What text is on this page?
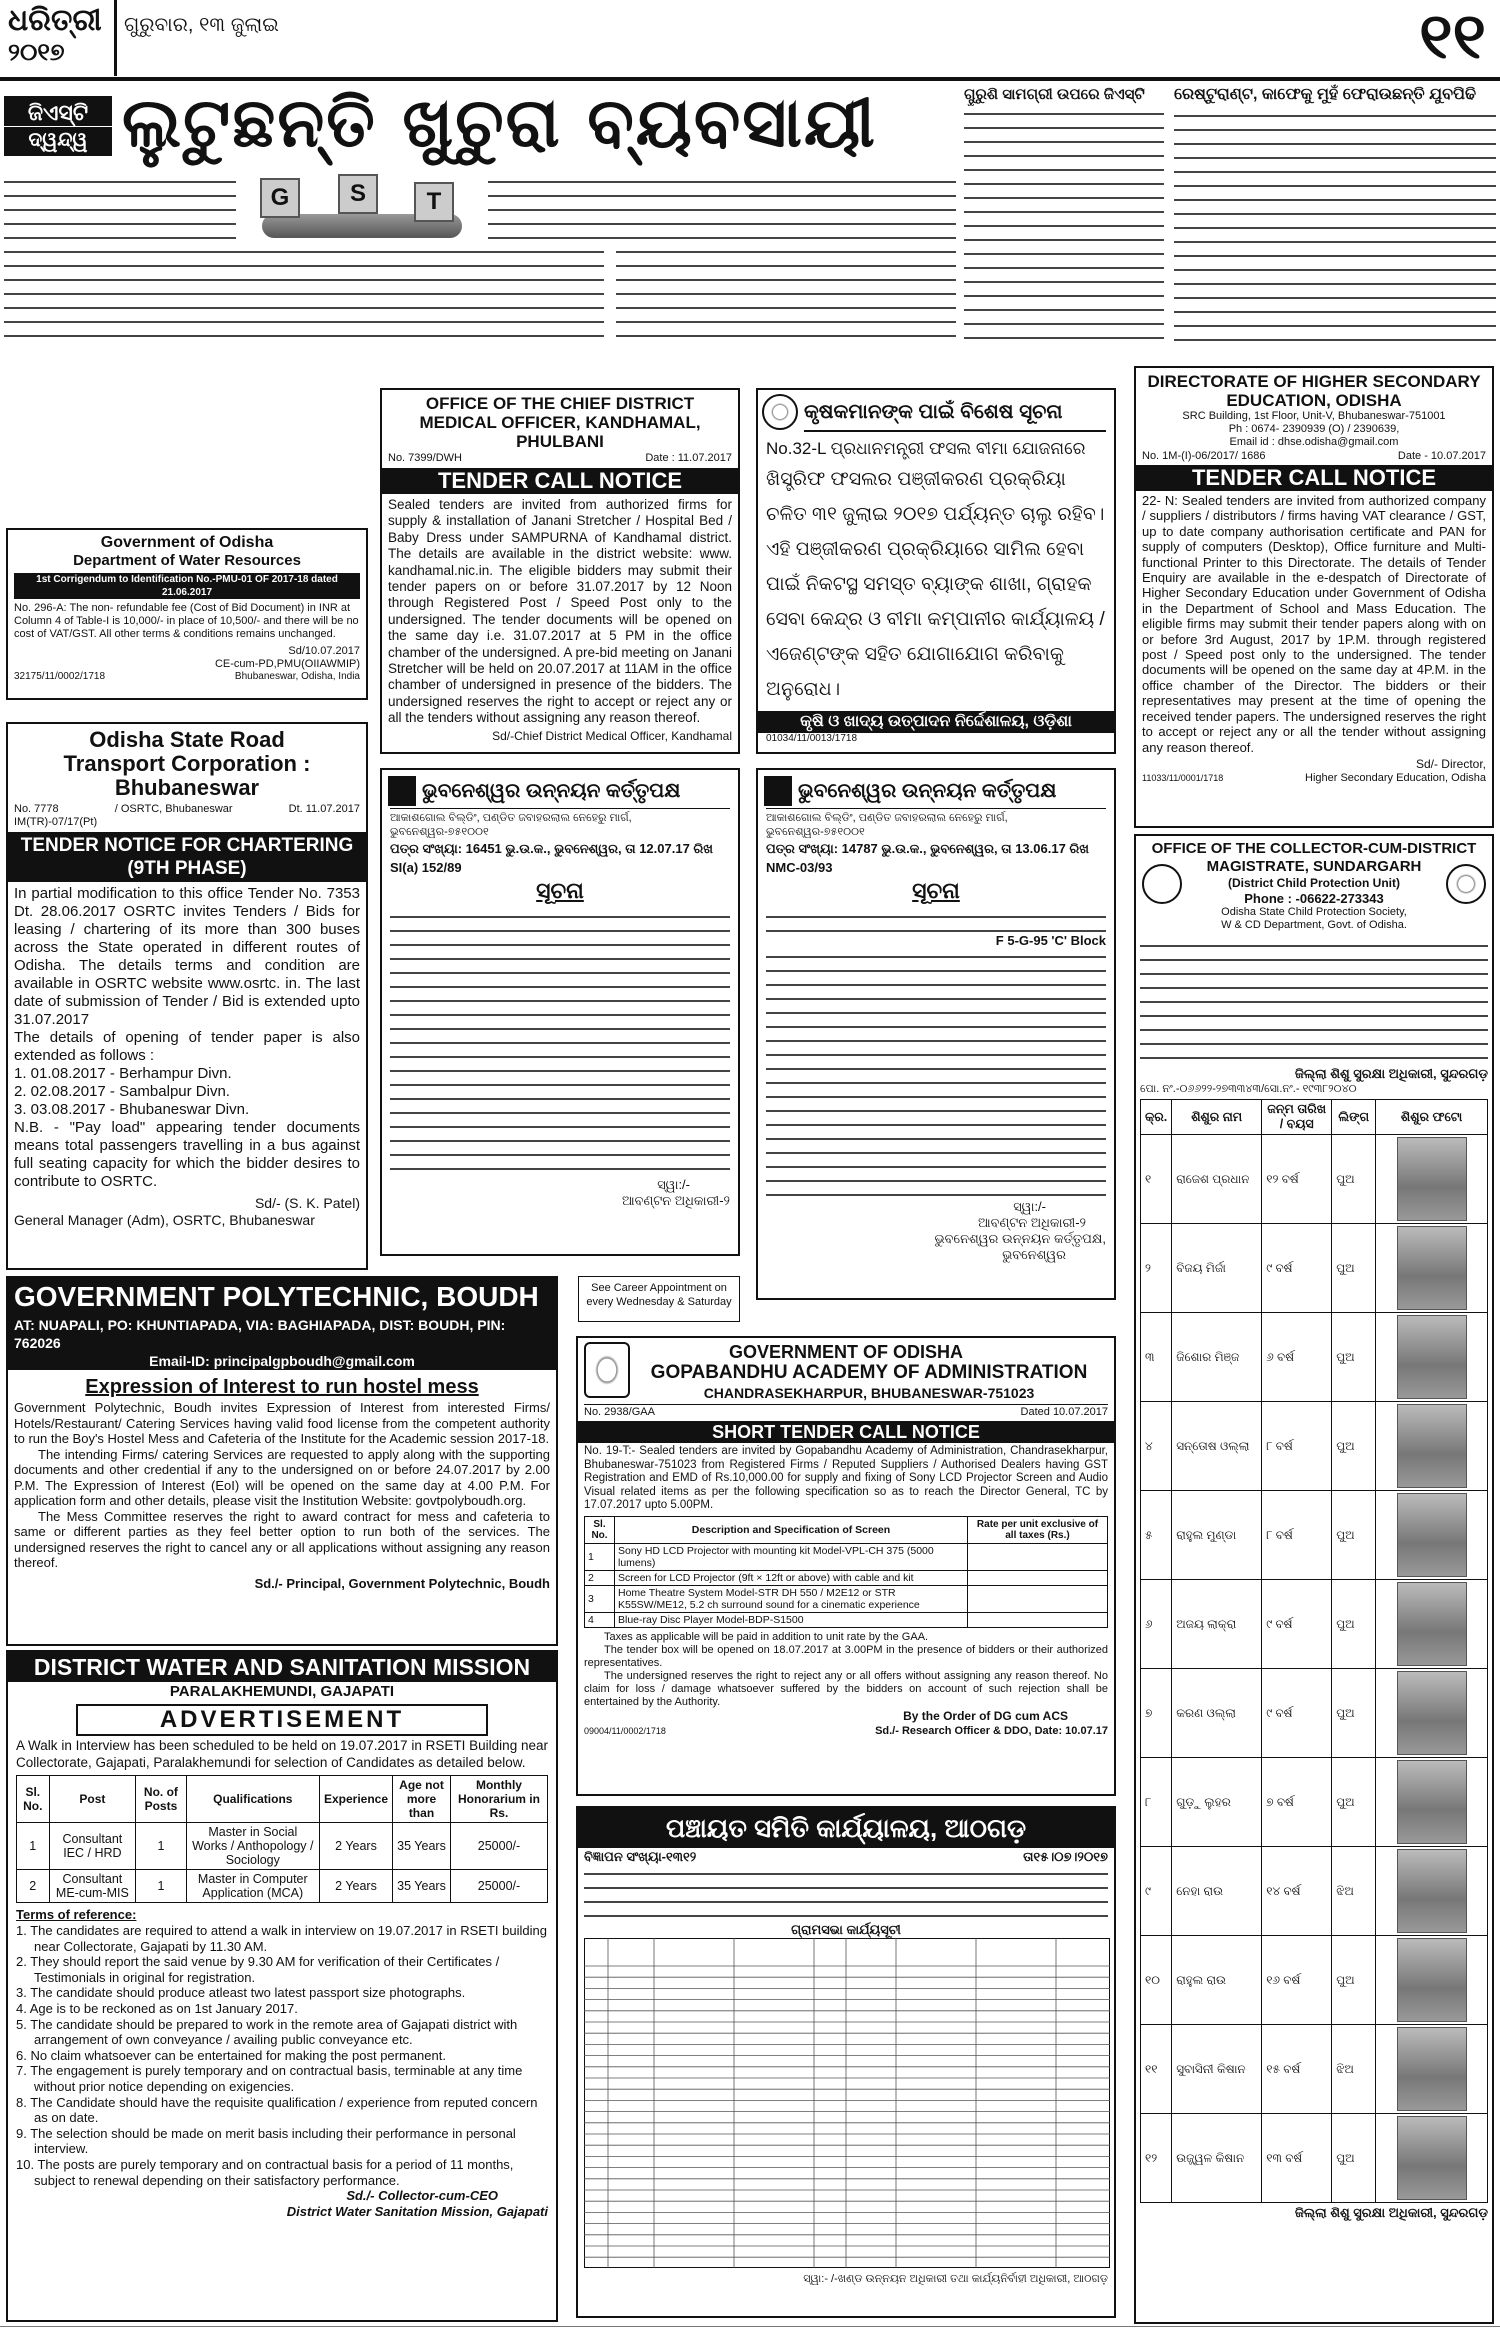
ଧରିତ୍ରୀ
୨୦୧୭
ଗୁରୁବାର, ୧୩ ଜୁଲାଇ	୧୧
ଜିଏସ୍ଟି
ଦ୍ୱନ୍ଦ୍ୱ ଲୁଟୁଛନ୍ତି ଖୁଚୁରା ବ୍ୟବସାୟୀ
G	S	T
ଗୁରୁଶି ସାମଗ୍ରୀ ଉପରେ ଜିଏସ୍ଟି	ରେଷ୍ଟୁରାଣ୍ଟ, କାଫେକୁ ମୁହଁ ଫେରାଉଛନ୍ତି ଯୁବପିଢି
Government of Odisha
Department of Water Resources
1st Corrigendum to Identification No.-PMU-01 OF 2017-18 dated 21.06.2017
No. 296-A: The non- refundable fee (Cost of Bid Document) in INR at Column 4 of Table-I is 10,000/- in place of 10,500/- and there will be no cost of VAT/GST. All other terms & conditions remains unchanged.
Sd/10.07.2017
CE-cum-PD,PMU(OIIAWMIP)
32175/11/0002/1718	Bhubaneswar, Odisha, India
Odisha State Road
Transport Corporation :
Bhubaneswar
No. 7778	/ OSRTC, Bhubaneswar	Dt. 11.07.2017
IM(TR)-07/17(Pt)
TENDER NOTICE FOR CHARTERING (9TH PHASE)
In partial modification to this office Tender No. 7353 Dt. 28.06.2017 OSRTC invites Tenders / Bids for leasing / chartering of its more than 300 buses across the State operated in different routes of Odisha. The details terms and condition are available in OSRTC website www.osrtc. in. The last date of submission of Tender / Bid is extended upto 31.07.2017
The details of opening of tender paper is also extended as follows :
1. 01.08.2017 - Berhampur Divn.
2. 02.08.2017 - Sambalpur Divn.
3. 03.08.2017 - Bhubaneswar Divn.
N.B. - "Pay load" appearing tender documents means total passengers travelling in a bus against full seating capacity for which the bidder desires to contribute to OSRTC.
Sd/- (S. K. Patel)
General Manager (Adm), OSRTC, Bhubaneswar
OFFICE OF THE CHIEF DISTRICT MEDICAL OFFICER, KANDHAMAL, PHULBANI
No. 7399/DWH	Date : 11.07.2017
TENDER CALL NOTICE
Sealed tenders are invited from authorized firms for supply & installation of Janani Stretcher / Hospital Bed / Baby Dress under SAMPURNA of Kandhamal district. The details are available in the district website: www. kandhamal.nic.in. The eligible bidders may submit their tender papers on or before 31.07.2017 by 12 Noon through Registered Post / Speed Post only to the undersigned. The tender documents will be opened on the same day i.e. 31.07.2017 at 5 PM in the office chamber of the undersigned. A pre-bid meeting on Janani Stretcher will be held on 20.07.2017 at 11AM in the office chamber of undersigned in presence of the bidders. The undersigned reserves the right to accept or reject any or all the tenders without assigning any reason thereof.
Sd/-Chief District Medical Officer, Kandhamal
କୃଷକମାନଙ୍କ ପାଇଁ ବିଶେଷ ସୂଚନା
No.32-L ପ୍ରଧାନମନ୍ତ୍ରୀ ଫସଲ ବୀମା ଯୋଜନାରେ
ଖିସ୍ତ୍ରିଫ ଫସଲର ପଞ୍ଜୀକରଣ ପ୍ରକ୍ରିୟା ଚଳିତ ୩୧ ଜୁଲାଇ ୨୦୧୭ ପର୍ଯ୍ୟନ୍ତ ଚାଲୁ ରହିବ। ଏହି ପଞ୍ଜୀକରଣ ପ୍ରକ୍ରିୟାରେ ସାମିଲ ହେବା ପାଇଁ ନିକଟସ୍ଥ ସମସ୍ତ ବ୍ୟାଙ୍କ ଶାଖା, ଗ୍ରାହକ ସେବା କେନ୍ଦ୍ର ଓ ବୀମା କମ୍ପାନୀର କାର୍ଯ୍ୟାଳୟ / ଏଜେଣ୍ଟଙ୍କ ସହିତ ଯୋଗାଯୋଗ କରିବାକୁ ଅନୁରୋଧ।
କୃଷି ଓ ଖାଦ୍ୟ ଉତ୍ପାଦନ ନିର୍ଦ୍ଦେଶାଳୟ, ଓଡ଼ିଶା
01034/11/0013/1718
DIRECTORATE OF HIGHER SECONDARY EDUCATION, ODISHA
SRC Building, 1st Floor, Unit-V, Bhubaneswar-751001
Ph : 0674- 2390939 (O) / 2390639,
Email id : dhse.odisha@gmail.com
No. 1M-(I)-06/2017/ 1686	Date - 10.07.2017
TENDER CALL NOTICE
22- N: Sealed tenders are invited from authorized company / suppliers / distributors / firms having VAT clearance / GST, up to date company authorisation certificate and PAN for supply of computers (Desktop), Office furniture and Multi-functional Printer to this Directorate. The details of Tender Enquiry are available in the e-despatch of Directorate of Higher Secondary Education under Government of Odisha in the Department of School and Mass Education. The eligible firms may submit their tender papers along with on or before 3rd August, 2017 by 1P.M. through registered post / Speed post only to the undersigned. The tender documents will be opened on the same day at 4P.M. in the office chamber of the Director. The bidders or their representatives may present at the time of opening the received tender papers. The undersigned reserves the right to accept or reject any or all the tender without assigning any reason thereof.
Sd/- Director,
11033/11/0001/1718	Higher Secondary Education, Odisha
ଭୁବନେଶ୍ୱର ଉନ୍ନୟନ କର୍ତ୍ତୃପକ୍ଷ
ଆକାଶଗୋଲ ବିଲ୍ଡିଂ, ପଣ୍ଡିତ ଜବାହରଲାଲ ନେହେରୁ ମାର୍ଗ, ଭୁବନେଶ୍ୱର-୭୫୧୦୦୧
ପତ୍ର ସଂଖ୍ୟା: 16451 ଭୁ.ଉ.କ., ଭୁବନେଶ୍ୱର, ତା 12.07.17 ରିଖ
SI(a) 152/89
ସୂଚନା
ସ୍ୱା:/-
ଆବଣ୍ଟନ ଅଧିକାରୀ-୨
ଭୁବନେଶ୍ୱର ଉନ୍ନୟନ କର୍ତ୍ତୃପକ୍ଷ
ଆକାଶଗୋଲ ବିଲ୍ଡିଂ, ପଣ୍ଡିତ ଜବାହରଲାଲ ନେହେରୁ ମାର୍ଗ, ଭୁବନେଶ୍ୱର-୭୫୧୦୦୧
ପତ୍ର ସଂଖ୍ୟା: 14787 ଭୁ.ଉ.କ., ଭୁବନେଶ୍ୱର, ତା 13.06.17 ରିଖ
NMC-03/93
ସୂଚନା
F 5-G-95 'C' Block
ସ୍ୱା:/-
ଆବଣ୍ଟନ ଅଧିକାରୀ-୨
ଭୁବନେଶ୍ୱର ଉନ୍ନୟନ କର୍ତ୍ତୃପକ୍ଷ,
ଭୁବନେଶ୍ୱର
See Career Appointment on every Wednesday & Saturday
OFFICE OF THE COLLECTOR-CUM-DISTRICT
MAGISTRATE, SUNDARGARH
(District Child Protection Unit)
Phone : -06622-273343
Odisha State Child Protection Society,
W & CD Department, Govt. of Odisha.
ଜିଲ୍ଲା ଶିଶୁ ସୁରକ୍ଷା ଅଧିକାରୀ, ସୁନ୍ଦରଗଡ଼
ପୋ. ନଂ.-୦୬୬୨୨-୨୭୩୩୪୩/ସୋ.ନଂ.- ୧୯୩୮୨୦୪୦
କ୍ର.	ଶିଶୁର ନାମ	ଜନ୍ମ ତାରିଖ / ବୟସ	ଲିଙ୍ଗ	ଶିଶୁର ଫଟୋ
୧	ରାଜେଶ ପ୍ରଧାନ	୧୨ ବର୍ଷ	ପୁଅ	

୨	ବିଜୟ ମିର୍ଜା	୯ ବର୍ଷ	ପୁଅ	

୩	ଜିଶୋର ମିଞ୍ଜ	୬ ବର୍ଷ	ପୁଅ	

୪	ସନ୍ତୋଷ ଓଲ୍ଲା	୮ ବର୍ଷ	ପୁଅ	

୫	ରାହୁଲ ମୁଣ୍ଡା	୮ ବର୍ଷ	ପୁଅ	

୬	ଅଜୟ ଲାକ୍ରା	୯ ବର୍ଷ	ପୁଅ	

୭	କରଣ ଓଲ୍ଲା	୯ ବର୍ଷ	ପୁଅ	

୮	ଗୁଡ଼ୁ ଲୁହର	୭ ବର୍ଷ	ପୁଅ	

୯	ନେହା ରାଉ	୧୪ ବର୍ଷ	ଝିଅ	

୧୦	ରାହୁଲ ରାଉ	୧୬ ବର୍ଷ	ପୁଅ	

୧୧	ସୁବାସିନୀ କିଷାନ	୧୫ ବର୍ଷ	ଝିଅ	

୧୨	ଉଜ୍ଜ୍ୱଳ କିଷାନ	୧୩ ବର୍ଷ	ପୁଅ	
ଜିଲ୍ଲା ଶିଶୁ ସୁରକ୍ଷା ଅଧିକାରୀ, ସୁନ୍ଦରଗଡ଼
GOVERNMENT POLYTECHNIC, BOUDH
AT: NUAPALI, PO: KHUNTIAPADA, VIA: BAGHIAPADA, DIST: BOUDH, PIN: 762026
Email-ID: principalgpboudh@gmail.com
Expression of Interest to run hostel mess
Government Polytechnic, Boudh invites Expression of Interest from interested Firms/ Hotels/Restaurant/ Catering Services having valid food license from the competent authority to run the Boy's Hostel Mess and Cafeteria of the Institute for the Academic session 2017-18.
The intending Firms/ catering Services are requested to apply along with the supporting documents and other credential if any to the undersigned on or before 24.07.2017 by 2.00 P.M. The Expression of Interest (EoI) will be opened on the same day at 4.00 P.M. For application form and other details, please visit the Institution Website: govtpolyboudh.org.
The Mess Committee reserves the right to award contract for mess and cafeteria to same or different parties as they feel better option to run both of the services. The undersigned reserves the right to cancel any or all applications without assigning any reason thereof.
Sd./- Principal, Government Polytechnic, Boudh
GOVERNMENT OF ODISHA
GOPABANDHU ACADEMY OF ADMINISTRATION
CHANDRASEKHARPUR, BHUBANESWAR-751023
No. 2938/GAA	Dated 10.07.2017
SHORT TENDER CALL NOTICE
No. 19-T:- Sealed tenders are invited by Gopabandhu Academy of Administration, Chandrasekharpur, Bhubaneswar-751023 from Registered Firms / Reputed Suppliers / Authorised Dealers having GST Registration and EMD of Rs.10,000.00 for supply and fixing of Sony LCD Projector Screen and Audio Visual related items as per the following specification so as to reach the Director General, TC by 17.07.2017 upto 5.00PM.
Sl. No.	Description and Specification of Screen	Rate per unit exclusive of all taxes (Rs.)
1	Sony HD LCD Projector with mounting kit Model-VPL-CH 375 (5000 lumens)	
2	Screen for LCD Projector (9ft × 12ft or above) with cable and kit	
3	Home Theatre System Model-STR DH 550 / M2E12 or STR K55SW/ME12, 5.2 ch surround sound for a cinematic experience	
4	Blue-ray Disc Player Model-BDP-S1500	
Taxes as applicable will be paid in addition to unit rate by the GAA.
The tender box will be opened on 18.07.2017 at 3.00PM in the presence of bidders or their authorized representatives.
The undersigned reserves the right to reject any or all offers without assigning any reason thereof. No claim for loss / damage whatsoever suffered by the bidders on account of such rejection shall be entertained by the Authority.
By the Order of DG cum ACS
09004/11/0002/1718	Sd./- Research Officer & DDO, Date: 10.07.17
DISTRICT WATER AND SANITATION MISSION
PARALAKHEMUNDI, GAJAPATI
ADVERTISEMENT
A Walk in Interview has been scheduled to be held on 19.07.2017 in RSETI Building near Collectorate, Gajapati, Paralakhemundi for selection of Candidates as detailed below.
Sl. No.	Post	No. of Posts	Qualifications	Experience	Age not more than	Monthly Honorarium in Rs.
1	Consultant IEC / HRD	1	Master in Social Works / Anthopology / Sociology	2 Years	35 Years	25000/-
2	Consultant ME-cum-MIS	1	Master in Computer Application (MCA)	2 Years	35 Years	25000/-
Terms of reference:
1. The candidates are required to attend a walk in interview on 19.07.2017 in RSETI building near Collectorate, Gajapati by 11.30 AM.
2. They should report the said venue by 9.30 AM for verification of their Certificates / Testimonials in original for registration.
3. The candidate should produce atleast two latest passport size photographs.
4. Age is to be reckoned as on 1st January 2017.
5. The candidate should be prepared to work in the remote area of Gajapati district with arrangement of own conveyance / availing public conveyance etc.
6. No claim whatsoever can be entertained for making the post permanent.
7. The engagement is purely temporary and on contractual basis, terminable at any time without prior notice depending on exigencies.
8. The Candidate should have the requisite qualification / experience from reputed concern as on date.
9. The selection should be made on merit basis including their performance in personal interview.
10. The posts are purely temporary and on contractual basis for a period of 11 months, subject to renewal depending on their satisfactory performance.
Sd./- Collector-cum-CEO
District Water Sanitation Mission, Gajapati
ପଞ୍ଚାୟତ ସମିତି କାର୍ଯ୍ୟାଳୟ, ଆଠଗଡ଼
ବିଜ୍ଞାପନ ସଂଖ୍ୟା-୧୩୧୨	ତା୧୫।୦୭।୨୦୧୭
ଗ୍ରାମସଭା କାର୍ଯ୍ୟସୂଚୀ
ସ୍ୱା:- /-ଖଣ୍ଡ ଉନ୍ନୟନ ଅଧିକାରୀ ତଥା କାର୍ଯ୍ୟନିର୍ବାହୀ ଅଧିକାରୀ, ଆଠଗଡ଼
